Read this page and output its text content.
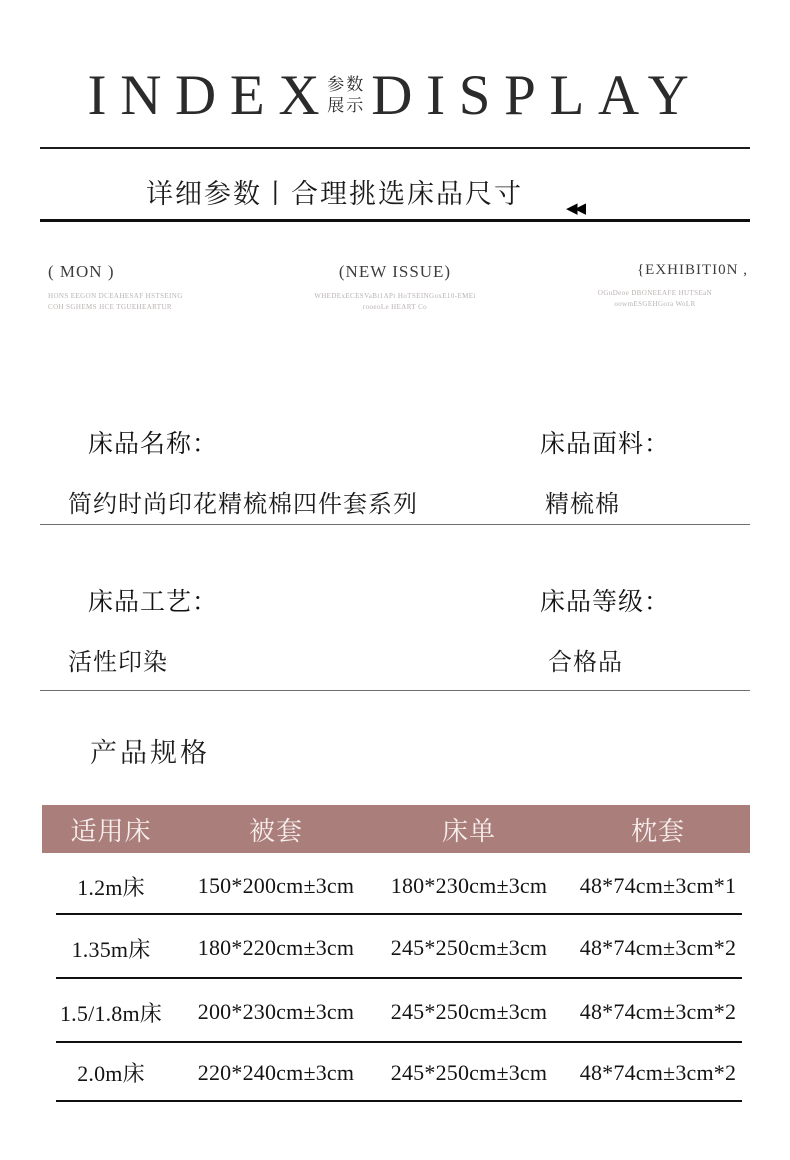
INDEX
参数
展示 DISPLAY
详细参数丨合理挑选床品尺寸	◀◀
( MON )
HONS EEGON DCEAHESAF HSTSEING
COH SGHEMS HCE TGUEHEARTUR
(NEW ISSUE)
WHEDExECESVaBt1APt HoTSEINGoxE10-EMEi
rooeoLe HEART Co
{EXHIBITI0N ,
OGuDeoe DBONEEAFE HUTSEaN
oowmESGEHGora WoLR
床品名称：	床品面料：
简约时尚印花精梳棉四件套系列	精梳棉
床品工艺：	床品等级：
活性印染	合格品
产品规格
适用床	被套	床单	枕套
1.2m床	150*200cm±3cm	180*230cm±3cm	48*74cm±3cm*1
1.35m床	180*220cm±3cm	245*250cm±3cm	48*74cm±3cm*2
1.5/1.8m床	200*230cm±3cm	245*250cm±3cm	48*74cm±3cm*2
2.0m床	220*240cm±3cm	245*250cm±3cm	48*74cm±3cm*2
